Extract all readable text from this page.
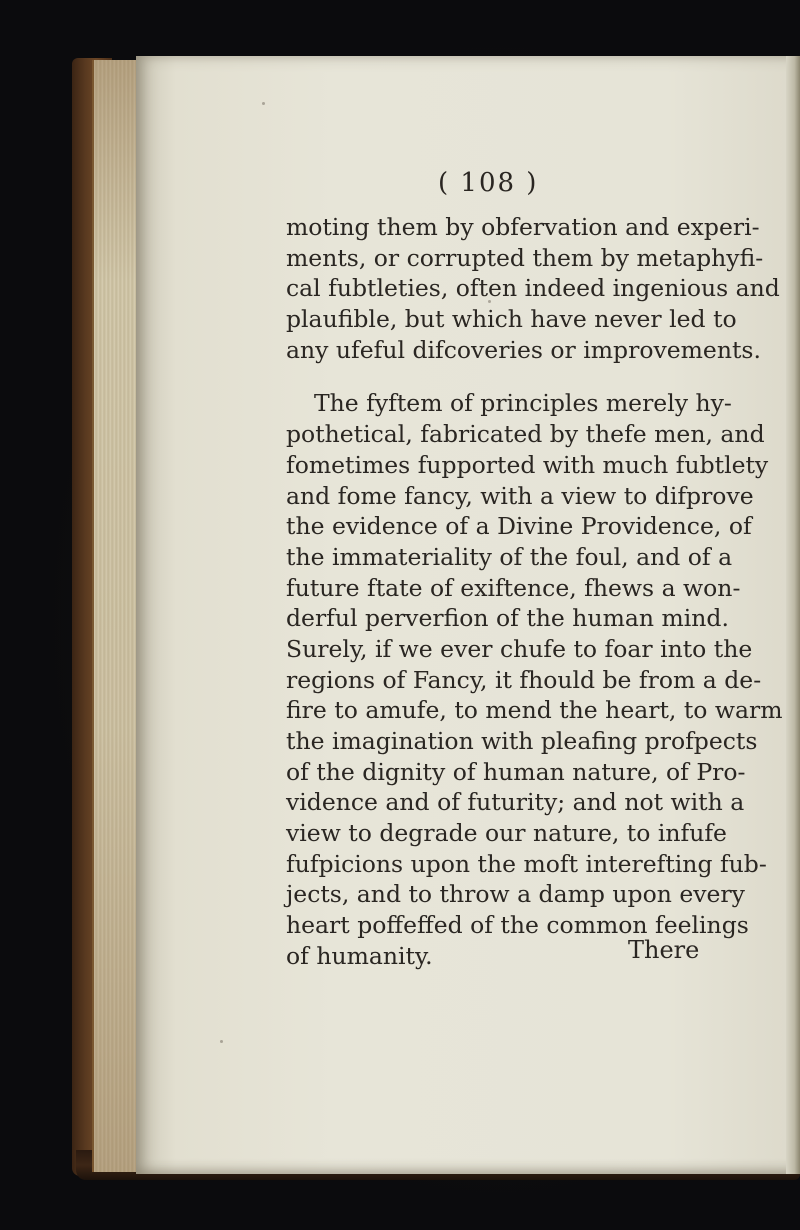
( 108 )
moting them by obfervation and experi-
ments, or corrupted them by metaphyfi-
cal fubtleties, often indeed ingenious and
plaufible, but which have never led to
any ufeful difcoveries or improvements.
The fyftem of principles merely hy-
pothetical, fabricated by thefe men, and
fometimes fupported with much fubtlety
and fome fancy, with a view to difprove
the evidence of a Divine Providence, of
the immateriality of the foul, and of a
future ftate of exiftence, fhews a won-
derful perverfion of the human mind.
Surely, if we ever chufe to foar into the
regions of Fancy, it fhould be from a de-
fire to amufe, to mend the heart, to warm
the imagination with pleafing profpects
of the dignity of human nature, of Pro-
vidence and of futurity; and not with a
view to degrade our nature, to infufe
fufpicions upon the moft interefting fub-
jects, and to throw a damp upon every
heart poffeffed of the common feelings
of humanity.	There
